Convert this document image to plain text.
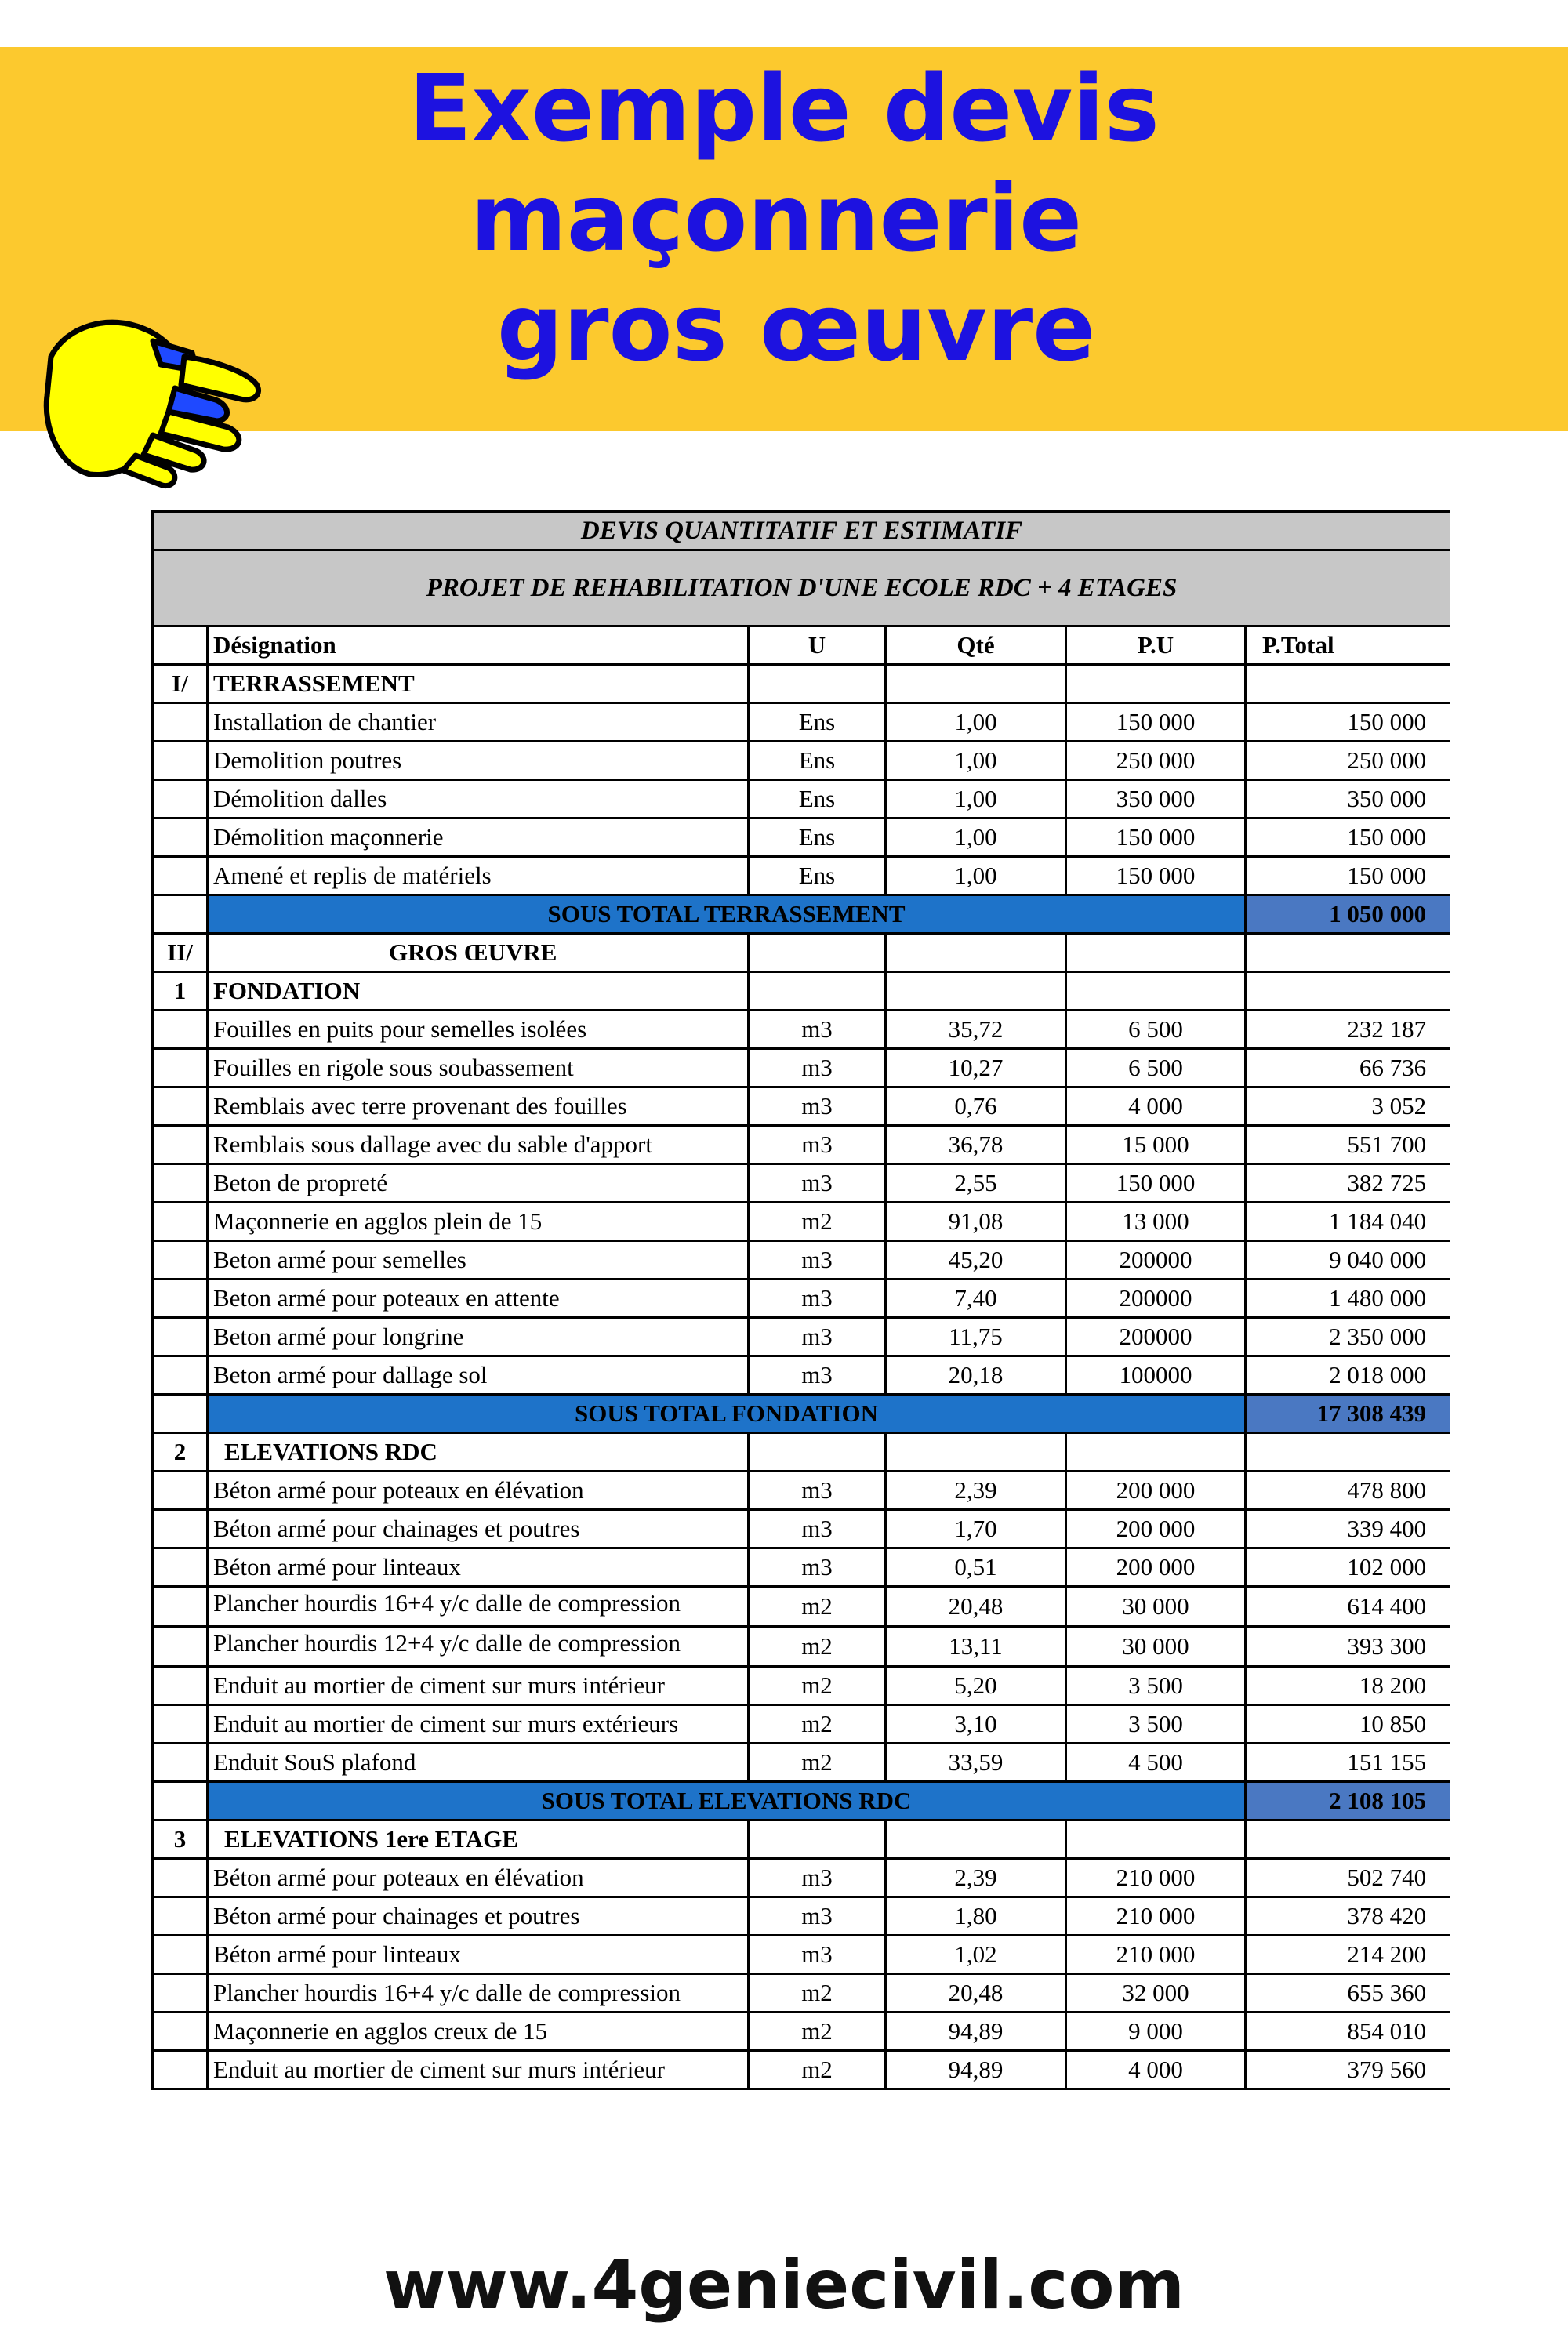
Exemple devis
maçonnerie
gros œuvre
DEVIS QUANTITATIF ET ESTIMATIF					
PROJET DE REHABILITATION D'UNE ECOLE RDC + 4 ETAGES					
	Désignation	U	Qté	P.U	P.Total
I/	TERRASSEMENT				
	Installation de chantier	Ens	1,00	150 000	150 000
	Demolition poutres	Ens	1,00	250 000	250 000
	Démolition dalles	Ens	1,00	350 000	350 000
	Démolition maçonnerie	Ens	1,00	150 000	150 000
	Amené et replis de matériels	Ens	1,00	150 000	150 000
	SOUS TOTAL TERRASSEMENT				1 050 000
II/	GROS ŒUVRE				
1	FONDATION				
	Fouilles en puits pour semelles isolées	m3	35,72	6 500	232 187
	Fouilles en rigole sous soubassement	m3	10,27	6 500	66 736
	Remblais avec terre provenant des fouilles	m3	0,76	4 000	3 052
	Remblais sous dallage avec du sable d'apport	m3	36,78	15 000	551 700
	Beton de propreté	m3	2,55	150 000	382 725
	Maçonnerie en agglos plein de 15	m2	91,08	13 000	1 184 040
	Beton armé pour semelles	m3	45,20	200000	9 040 000
	Beton armé pour poteaux en attente	m3	7,40	200000	1 480 000
	Beton armé pour longrine	m3	11,75	200000	2 350 000
	Beton armé pour dallage sol	m3	20,18	100000	2 018 000
	SOUS TOTAL FONDATION				17 308 439
2	ELEVATIONS RDC				
	Béton armé pour poteaux en élévation	m3	2,39	200 000	478 800
	Béton armé pour chainages et poutres	m3	1,70	200 000	339 400
	Béton armé pour linteaux	m3	0,51	200 000	102 000
	Plancher hourdis 16+4 y/c dalle de compression	m2	20,48	30 000	614 400
	Plancher hourdis 12+4 y/c dalle de compression	m2	13,11	30 000	393 300
	Enduit au mortier de ciment sur murs intérieur	m2	5,20	3 500	18 200
	Enduit au mortier de ciment sur murs extérieurs	m2	3,10	3 500	10 850
	Enduit SouS plafond	m2	33,59	4 500	151 155
	SOUS TOTAL ELEVATIONS RDC				2 108 105
3	ELEVATIONS 1ere ETAGE				
	Béton armé pour poteaux en élévation	m3	2,39	210 000	502 740
	Béton armé pour chainages et poutres	m3	1,80	210 000	378 420
	Béton armé pour linteaux	m3	1,02	210 000	214 200
	Plancher hourdis 16+4 y/c dalle de compression	m2	20,48	32 000	655 360
	Maçonnerie en agglos creux de 15	m2	94,89	9 000	854 010
	Enduit au mortier de ciment sur murs intérieur	m2	94,89	4 000	379 560
www.4geniecivil.com
